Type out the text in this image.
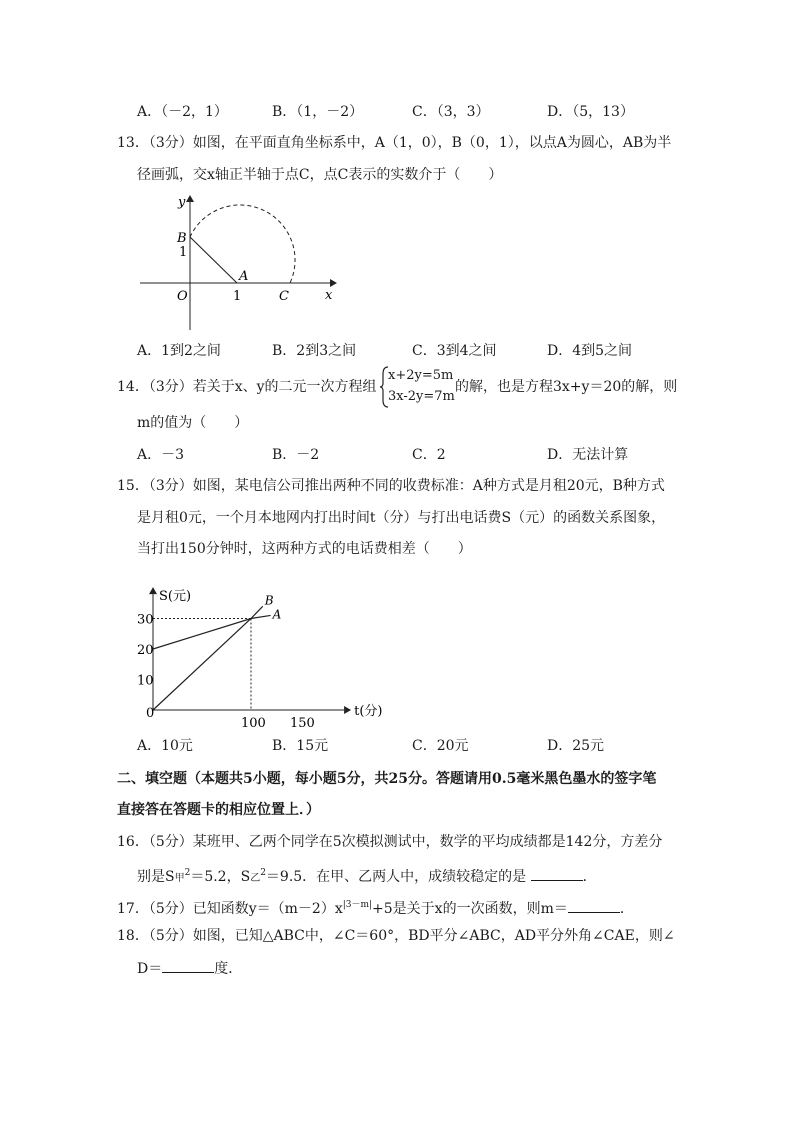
A．（－2，1）	B．（1，－2）	C．（3，3）	D．（5，13）
13．（3分）如图，在平面直角坐标系中，A（1，0），B（0，1），以点A为圆心，AB为半
径画弧，交x轴正半轴于点C，点C表示的实数介于（　　）
y
B
1
A
O	1	C	x
A．1到2之间	B．2到3之间	C．3到4之间	D．4到5之间
14．（3分）若关于x、y的二元一次方程组
x+2y=5m
3x-2y=7m
的解，也是方程3x+y＝20的解，则
m的值为（　　）
A．－3	B．－2	C．2	D．无法计算
15．（3分）如图，某电信公司推出两种不同的收费标准：A种方式是月租20元，B种方式
是月租0元，一个月本地网内打出时间t（分）与打出电话费S（元）的函数关系图象，
当打出150分钟时，这两种方式的电话费相差（　　）
S(元)
t(分)
0
10
20
30
100 150
A
B
A．10元	B．15元	C．20元	D．25元
二、填空题（本题共5小题，每小题5分，共25分。答题请用0.5毫米黑色墨水的签字笔
直接答在答题卡的相应位置上．）
16．（5分）某班甲、乙两个同学在5次模拟测试中，数学的平均成绩都是142分，方差分
别是S甲$^2$＝5.2，S乙$^2$＝9.5．在甲、乙两人中，成绩较稳定的是	．
17．（5分）已知函数$y=(m-2)x^{|3-m|}+5$是关于x的一次函数，则m＝	．
18．（5分）如图，已知△ABC中，∠C＝60°，BD平分∠ABC，AD平分外角∠CAE，则∠
D＝	度．
